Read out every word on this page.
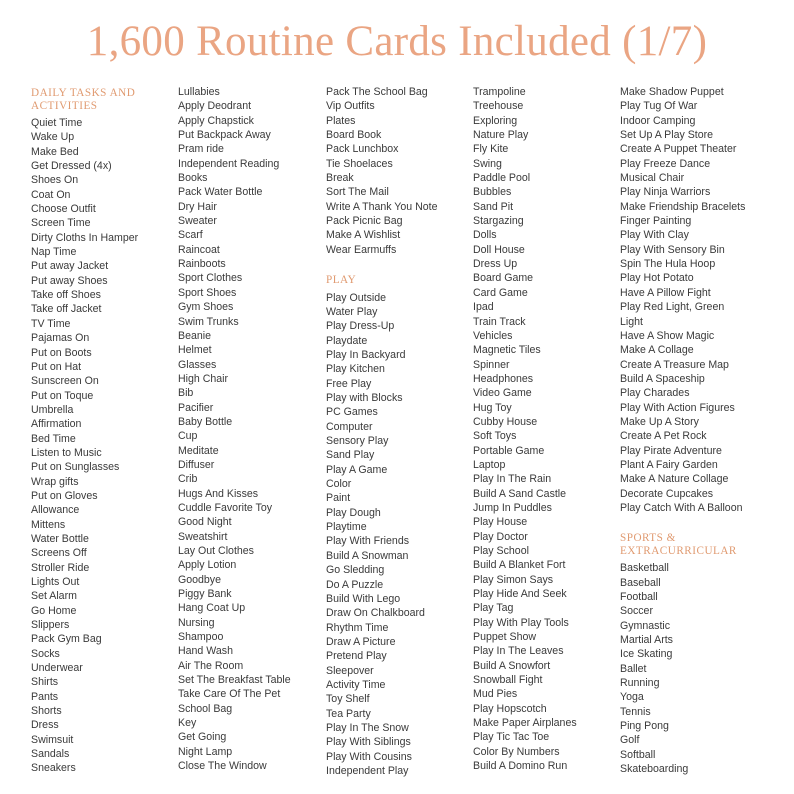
1,600 Routine Cards Included (1/7)
DAILY TASKS AND ACTIVITIES
Quiet Time
Wake Up
Make Bed
Get Dressed (4x)
Shoes On
Coat On
Choose Outfit
Screen Time
Dirty Cloths In Hamper
Nap Time
Put away Jacket
Put away Shoes
Take off Shoes
Take off Jacket
TV Time
Pajamas On
Put on Boots
Put on Hat
Sunscreen On
Put on Toque
Umbrella
Affirmation
Bed Time
Listen to Music
Put on Sunglasses
Wrap gifts
Put on Gloves
Allowance
Mittens
Water Bottle
Screens Off
Stroller Ride
Lights Out
Set Alarm
Go Home
Slippers
Pack Gym Bag
Socks
Underwear
Shirts
Pants
Shorts
Dress
Swimsuit
Sandals
Sneakers
Lullabies
Apply Deodrant
Apply Chapstick
Put Backpack Away
Pram ride
Independent Reading
Books
Pack Water Bottle
Dry Hair
Sweater
Scarf
Raincoat
Rainboots
Sport Clothes
Sport Shoes
Gym Shoes
Swim Trunks
Beanie
Helmet
Glasses
High Chair
Bib
Pacifier
Baby Bottle
Cup
Meditate
Diffuser
Crib
Hugs And Kisses
Cuddle Favorite Toy
Good Night
Sweatshirt
Lay Out Clothes
Apply Lotion
Goodbye
Piggy Bank
Hang Coat Up
Nursing
Shampoo
Hand Wash
Air The Room
Set The Breakfast Table
Take Care Of The Pet
School Bag
Key
Get Going
Night Lamp
Close The Window
Pack The School Bag
Vip Outfits
Plates
Board Book
Pack Lunchbox
Tie Shoelaces
Break
Sort The Mail
Write A Thank You Note
Pack Picnic Bag
Make A Wishlist
Wear Earmuffs
PLAY
Play Outside
Water Play
Play Dress-Up
Playdate
Play In Backyard
Play Kitchen
Free Play
Play with Blocks
PC Games
Computer
Sensory Play
Sand Play
Play A Game
Color
Paint
Play Dough
Playtime
Play With Friends
Build A Snowman
Go Sledding
Do A Puzzle
Build With Lego
Draw On Chalkboard
Rhythm Time
Draw A Picture
Pretend Play
Sleepover
Activity Time
Toy Shelf
Tea Party
Play In The Snow
Play With Siblings
Play With Cousins
Independent Play
Trampoline
Treehouse
Exploring
Nature Play
Fly Kite
Swing
Paddle Pool
Bubbles
Sand Pit
Stargazing
Dolls
Doll House
Dress Up
Board Game
Card Game
Ipad
Train Track
Vehicles
Magnetic Tiles
Spinner
Headphones
Video Game
Hug Toy
Cubby House
Soft Toys
Portable Game
Laptop
Play In The Rain
Build A Sand Castle
Jump In Puddles
Play House
Play Doctor
Play School
Build A Blanket Fort
Play Simon Says
Play Hide And Seek
Play Tag
Play With Play Tools
Puppet Show
Play In The Leaves
Build A Snowfort
Snowball Fight
Mud Pies
Play Hopscotch
Make Paper Airplanes
Play Tic Tac Toe
Color By Numbers
Build A Domino Run
Make Shadow Puppet
Play Tug Of War
Indoor Camping
Set Up A Play Store
Create A Puppet Theater
Play Freeze Dance
Musical Chair
Play Ninja Warriors
Make Friendship Bracelets
Finger Painting
Play With Clay
Play With Sensory Bin
Spin The Hula Hoop
Play Hot Potato
Have A Pillow Fight
Play Red Light, Green
Light
Have A Show Magic
Make A Collage
Create A Treasure Map
Build A Spaceship
Play Charades
Play With Action Figures
Make Up A Story
Create A Pet Rock
Play Pirate Adventure
Plant A Fairy Garden
Make A Nature Collage
Decorate Cupcakes
Play Catch With A Balloon
SPORTS & EXTRACURRICULAR
Basketball
Baseball
Football
Soccer
Gymnastic
Martial Arts
Ice Skating
Ballet
Running
Yoga
Tennis
Ping Pong
Golf
Softball
Skateboarding
